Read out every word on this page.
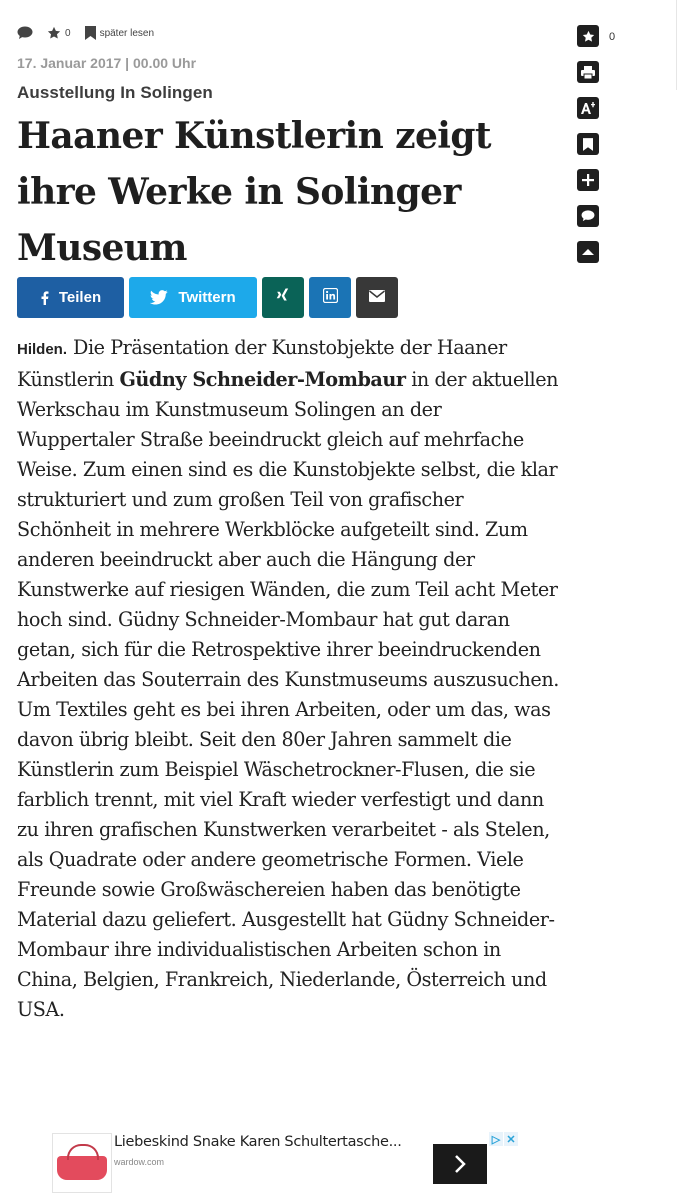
0	später lesen
17. Januar 2017 | 00.00 Uhr
Ausstellung In Solingen
Haaner Künstlerin zeigt ihre Werke in Solinger Museum
Teilen	Twittern
Hilden. Die Präsentation der Kunstobjekte der Haaner Künstlerin Güdny Schneider-Mombaur in der aktuellen Werkschau im Kunstmuseum Solingen an der Wuppertaler Straße beeindruckt gleich auf mehrfache Weise. Zum einen sind es die Kunstobjekte selbst, die klar strukturiert und zum großen Teil von grafischer Schönheit in mehrere Werkblöcke aufgeteilt sind. Zum anderen beeindruckt aber auch die Hängung der Kunstwerke auf riesigen Wänden, die zum Teil acht Meter hoch sind. Güdny Schneider-Mombaur hat gut daran getan, sich für die Retrospektive ihrer beeindruckenden Arbeiten das Souterrain des Kunstmuseums auszusuchen. Um Textiles geht es bei ihren Arbeiten, oder um das, was davon übrig bleibt. Seit den 80er Jahren sammelt die Künstlerin zum Beispiel Wäschetrockner-Flusen, die sie farblich trennt, mit viel Kraft wieder verfestigt und dann zu ihren grafischen Kunstwerken verarbeitet - als Stelen, als Quadrate oder andere geometrische Formen. Viele Freunde sowie Großwäschereien haben das benötigte Material dazu geliefert. Ausgestellt hat Güdny Schneider-Mombaur ihre individualistischen Arbeiten schon in China, Belgien, Frankreich, Niederlande, Österreich und USA.
0
Liebeskind Snake Karen Schultertasche...
wardow.com
▷ ✕
